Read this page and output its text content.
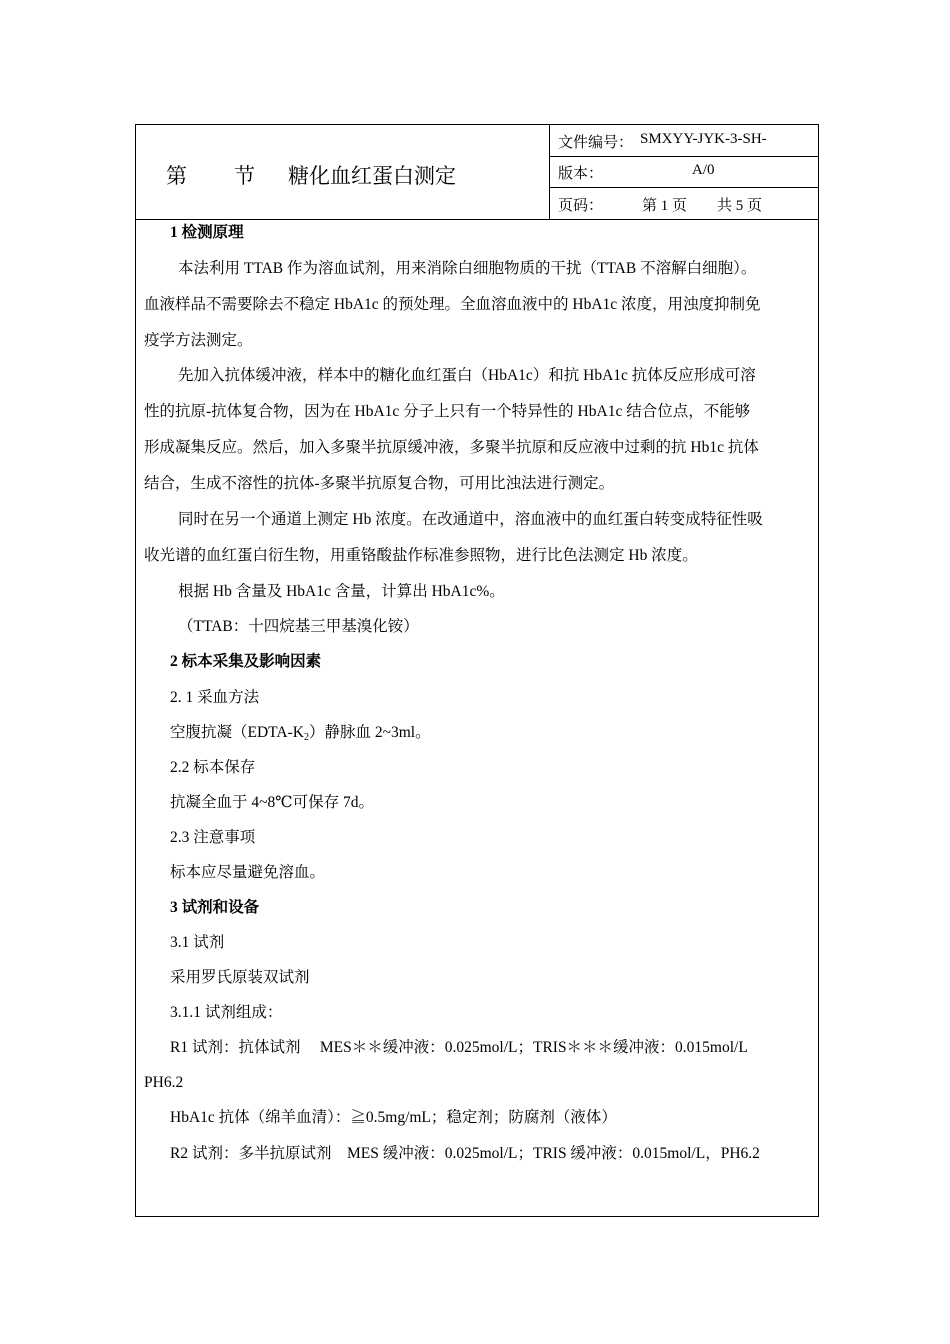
第 节 糖化血红蛋白测定
文件编号： SMXYY-JYK-3-SH-
版本：	A/0
页码：	第 1 页 共 5 页
1 检测原理
本法利用 TTAB 作为溶血试剂，用来消除白细胞物质的干扰（TTAB 不溶解白细胞）。
血液样品不需要除去不稳定 HbA1c 的预处理。全血溶血液中的 HbA1c 浓度，用浊度抑制免
疫学方法测定。
先加入抗体缓冲液，样本中的糖化血红蛋白（HbA1c）和抗 HbA1c 抗体反应形成可溶
性的抗原-抗体复合物，因为在 HbA1c 分子上只有一个特异性的 HbA1c 结合位点，不能够
形成凝集反应。然后，加入多聚半抗原缓冲液，多聚半抗原和反应液中过剩的抗 Hb1c 抗体
结合，生成不溶性的抗体-多聚半抗原复合物，可用比浊法进行测定。
同时在另一个通道上测定 Hb 浓度。在改通道中，溶血液中的血红蛋白转变成特征性吸
收光谱的血红蛋白衍生物，用重铬酸盐作标准参照物，进行比色法测定 Hb 浓度。
根据 Hb 含量及 HbA1c 含量，计算出 HbA1c%。
（TTAB：十四烷基三甲基溴化铵）
2 标本采集及影响因素
2. 1 采血方法
空腹抗凝$(EDTA-K_2)$静脉血 2~3ml。
2.2 标本保存
抗凝全血于 4~8℃可保存 7d。
2.3 注意事项
标本应尽量避免溶血。
3 试剂和设备
3.1 试剂
采用罗氏原装双试剂
3.1.1 试剂组成：
R1 试剂：抗体试剂　 MES＊＊缓冲液：0.025mol/L；TRIS＊＊＊缓冲液：0.015mol/L
PH6.2
HbA1c 抗体（绵羊血清）：≧0.5mg/mL；稳定剂；防腐剂（液体）
R2 试剂：多半抗原试剂　MES 缓冲液：0.025mol/L；TRIS 缓冲液：0.015mol/L，PH6.2
